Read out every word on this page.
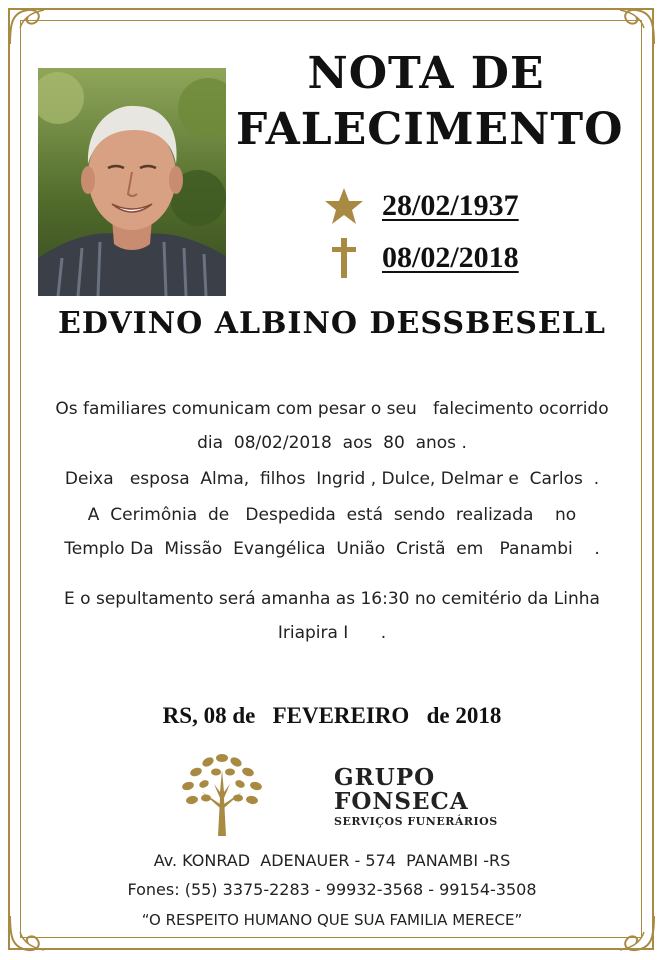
NOTA DE
FALECIMENTO
28/02/1937
08/02/2018
EDVINO ALBINO DESSBESELL
Os familiares comunicam com pesar o seu   falecimento ocorrido
dia  08/02/2018  aos  80  anos .
Deixa   esposa  Alma,  filhos  Ingrid , Dulce, Delmar e  Carlos  .
A  Cerimônia  de   Despedida  está  sendo  realizada    no
Templo Da  Missão  Evangélica  União  Cristã  em   Panambi    .
E o sepultamento será amanha as 16:30 no cemitério da Linha
Iriapira I      .
RS, 08 de   FEVEREIRO   de 2018
GRUPO
FONSECA
SERVIÇOS FUNERÁRIOS
Av. KONRAD  ADENAUER - 574  PANAMBI -RS
Fones: (55) 3375-2283 - 99932-3568 - 99154-3508
“O RESPEITO HUMANO QUE SUA FAMILIA MERECE”
